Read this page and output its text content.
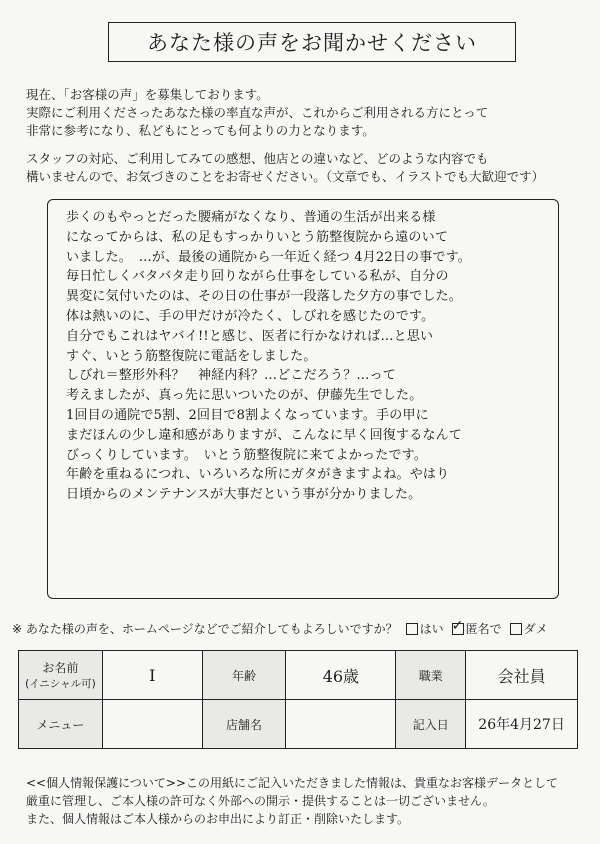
あなた様の声をお聞かせください

現在、「お客様の声」を募集しております。
実際にご利用くださったあなた様の率直な声が、これからご利用される方にとって
非常に参考になり、私どもにとっても何よりの力となります。

スタッフの対応、ご利用してみての感想、他店との違いなど、どのような内容でも
構いませんので、お気づきのことをお寄せください。（文章でも、イラストでも大歓迎です）

歩くのもやっとだった腰痛がなくなり、普通の生活が出来る様
になってからは、私の足もすっかりいとう筋整復院から遠のいて
いました。　…が、最後の通院から一年近く経つ 4月22日の事です。
毎日忙しくバタバタ走り回りながら仕事をしている私が、自分の
異変に気付いたのは、その日の仕事が一段落した夕方の事でした。
体は熱いのに、手の甲だけが冷たく、しびれを感じたのです。
自分でもこれはヤバイ!!と感じ、医者に行かなければ…と思い
すぐ、いとう筋整復院に電話をしました。
しびれ＝整形外科？　神経内科？…どこだろう？…って
考えましたが、真っ先に思いついたのが、伊藤先生でした。
1回目の通院で5割、2回目で8割よくなっています。手の甲に
まだほんの少し違和感がありますが、こんなに早く回復するなんて
びっくりしています。　いとう筋整復院に来てよかったです。
年齢を重ねるにつれ、いろいろな所にガタがきますよね。やはり
日頃からのメンテナンスが大事だという事が分かりました。
※ あなた様の声を、ホームページなどでご紹介してもよろしいですか？ はい ✓ 匿名で ダメ
お名前
(イニシャル可)	I	年齢	46歳	職業	会社員
メニュー		店舗名		記入日	26年4月27日

<<個人情報保護について>>この用紙にご記入いただきました情報は、貴重なお客様データとして

厳重に管理し、ご本人様の許可なく外部への開示・提供することは一切ございません。

また、個人情報はご本人様からのお申出により訂正・削除いたします。
